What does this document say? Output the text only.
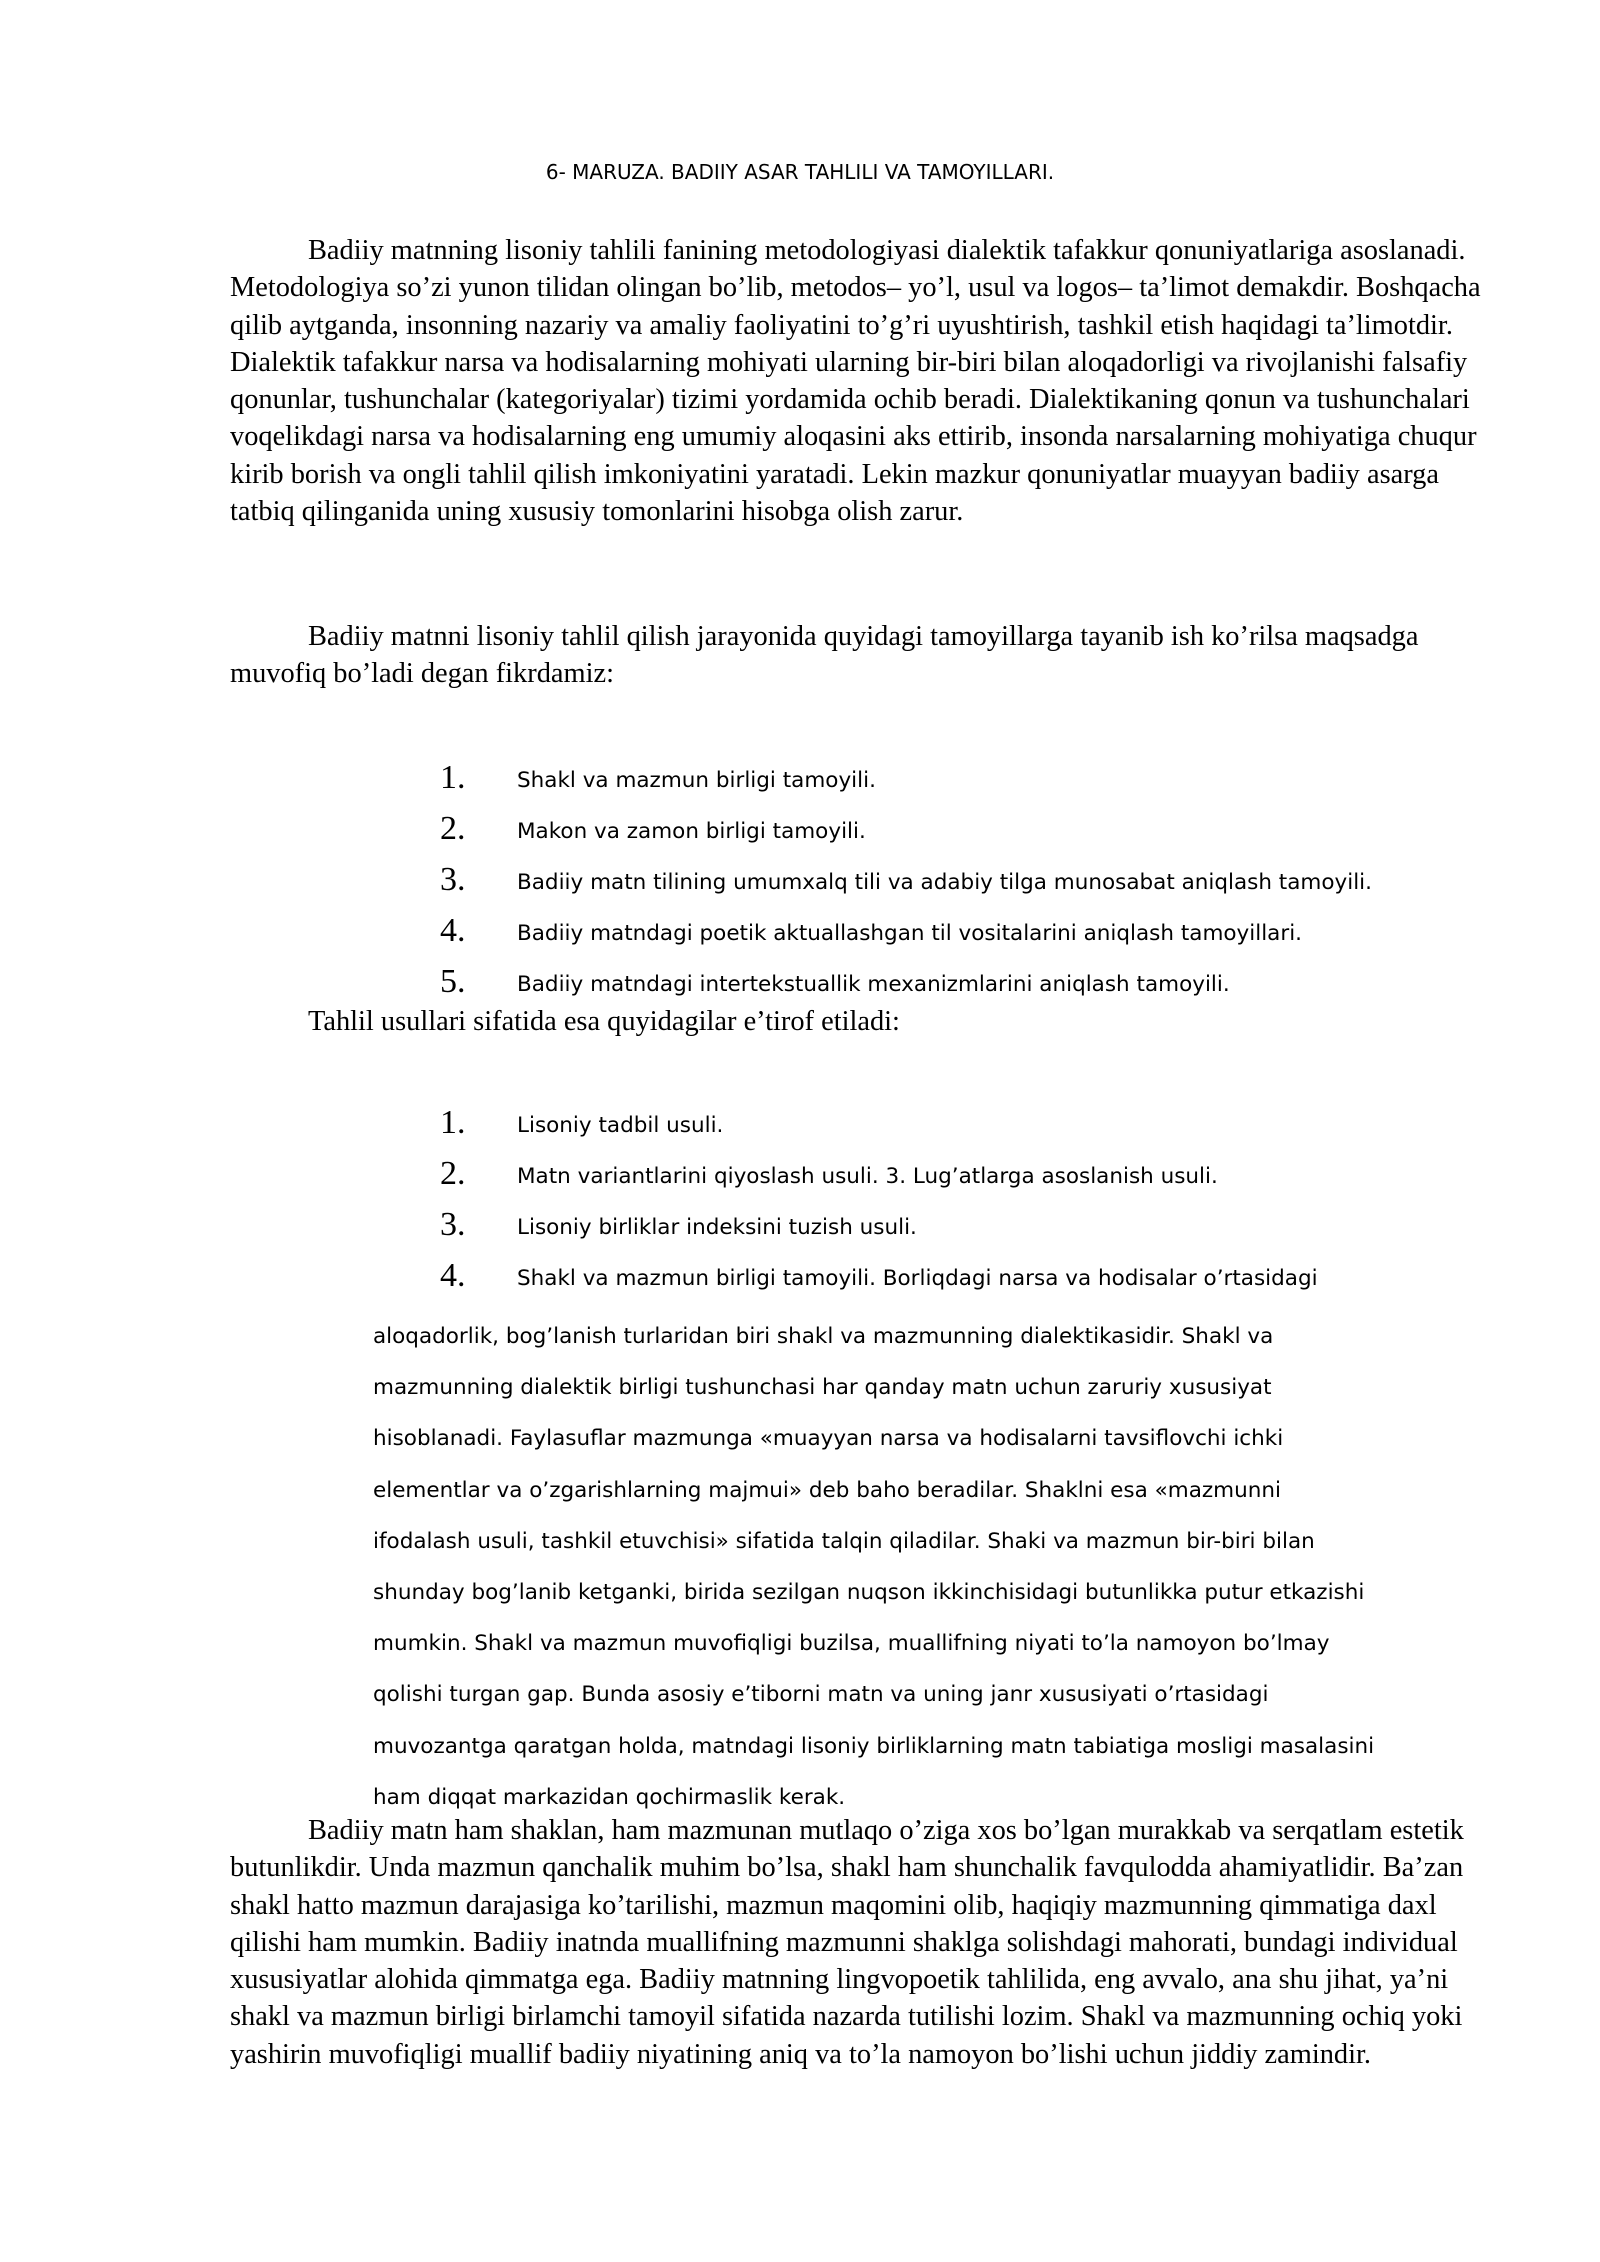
6- MARUZA. BADIIY ASAR TAHLILI VA TAMOYILLARI.

Badiiy matnning lisoniy tahlili fanining metodologiyasi dialektik tafakkur qonuniyatlariga asoslanadi. Metodologiya so’zi yunon tilidan olingan bo’lib, metodos– yo’l, usul va logos– ta’limot demakdir. Boshqacha qilib aytganda, insonning nazariy va amaliy faoliyatini to’g’ri uyushtirish, tashkil etish haqidagi ta’limotdir. Dialektik tafakkur narsa va hodisalarning mohiyati ularning bir-biri bilan aloqadorligi va rivojlanishi falsafiy qonunlar, tushunchalar (kategoriyalar) tizimi yordamida ochib beradi. Dialektikaning qonun va tushunchalari voqelikdagi narsa va hodisalarning eng umumiy aloqasini aks ettirib, insonda narsalarning mohiyatiga chuqur kirib borish va ongli tahlil qilish imkoniyatini yaratadi. Lekin mazkur qonuniyatlar muayyan badiiy asarga tatbiq qilinganida uning xususiy tomonlarini hisobga olish zarur.

Badiiy matnni lisoniy tahlil qilish jarayonida quyidagi tamoyillarga tayanib ish ko’rilsa maqsadga muvofiq bo’ladi degan fikrdamiz:

1.	Shakl va mazmun birligi tamoyili.
2.	Makon va zamon birligi tamoyili.
3.	Badiiy matn tilining umumxalq tili va adabiy tilga munosabat aniqlash tamoyili.
4.	Badiiy matndagi poetik aktuallashgan til vositalarini aniqlash tamoyillari.
5.	Badiiy matndagi intertekstuallik mexanizmlarini aniqlash tamoyili.
Tahlil usullari sifatida esa quyidagilar e’tirof etiladi:
1.	Lisoniy tadbil usuli.
2.	Matn variantlarini qiyoslash usuli. 3. Lug’atlarga asoslanish usuli.
3.	Lisoniy birliklar indeksini tuzish usuli.
4.	Shakl va mazmun birligi tamoyili. Borliqdagi narsa va hodisalar o’rtasidagi
aloqadorlik, bog’lanish turlaridan biri shakl va mazmunning dialektikasidir. Shakl va
mazmunning dialektik birligi tushunchasi har qanday matn uchun zaruriy xususiyat
hisoblanadi. Faylasuflar mazmunga «muayyan narsa va hodisalarni tavsiflovchi ichki
elementlar va o’zgarishlarning majmui» deb baho beradilar. Shaklni esa «mazmunni
ifodalash usuli, tashkil etuvchisi» sifatida talqin qiladilar. Shaki va mazmun bir-biri bilan
shunday bog’lanib ketganki, birida sezilgan nuqson ikkinchisidagi butunlikka putur etkazishi
mumkin. Shakl va mazmun muvofiqligi buzilsa, muallifning niyati to’la namoyon bo’lmay
qolishi turgan gap. Bunda asosiy e’tiborni matn va uning janr xususiyati o’rtasidagi
muvozantga qaratgan holda, matndagi lisoniy birliklarning matn tabiatiga mosligi masalasini
ham diqqat markazidan qochirmaslik kerak.

Badiiy matn ham shaklan, ham mazmunan mutlaqo o’ziga xos bo’lgan murakkab va serqatlam estetik butunlikdir. Unda mazmun qanchalik muhim bo’lsa, shakl ham shunchalik favqulodda ahamiyatlidir. Ba’zan shakl hatto mazmun darajasiga ko’tarilishi, mazmun maqomini olib, haqiqiy mazmunning qimmatiga daxl qilishi ham mumkin. Badiiy inatnda muallifning mazmunni shaklga solishdagi mahorati, bundagi individual xususiyatlar alohida qimmatga ega. Badiiy matnning lingvopoetik tahlilida, eng avvalo, ana shu jihat, ya’ni shakl va mazmun birligi birlamchi tamoyil sifatida nazarda tutilishi lozim. Shakl va mazmunning ochiq yoki yashirin muvofiqligi muallif badiiy niyatining aniq va to’la namoyon bo’lishi uchun jiddiy zamindir.
